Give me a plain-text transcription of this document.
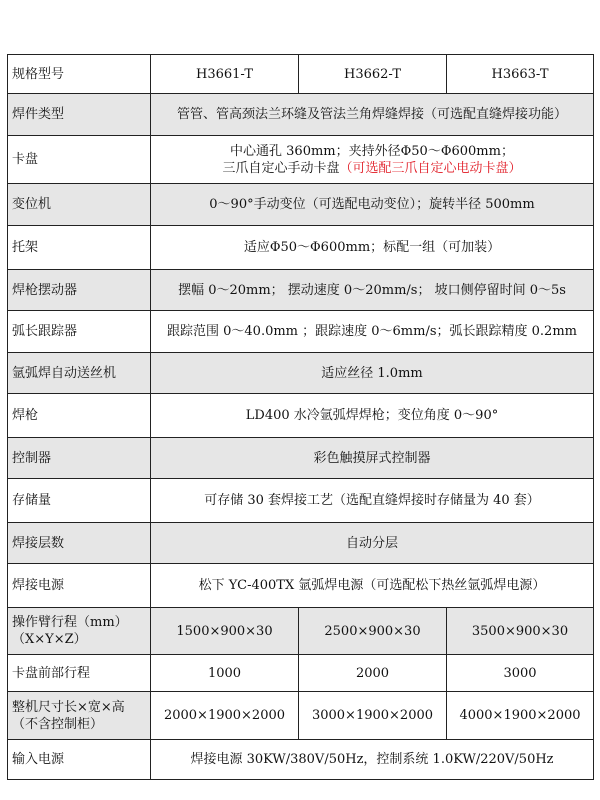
规格型号	H3661-T	H3662-T	H3663-T
焊件类型	管管、管高颈法兰环缝及管法兰角焊缝焊接（可选配直缝焊接功能）		
卡盘	中心通孔 360mm；夹持外径Φ50～Φ600mm；
三爪自定心手动卡盘（可选配三爪自定心电动卡盘）		

变位机	0～90°手动变位（可选配电动变位）；旋转半径 500mm		
托架	适应Φ50～Φ600mm；标配一组（可加装）		
焊枪摆动器	摆幅 0～20mm； 摆动速度 0～20mm/s； 坡口侧停留时间 0～5s		
弧长跟踪器	跟踪范围 0～40.0mm ；跟踪速度 0～6mm/s；弧长跟踪精度 0.2mm		
氩弧焊自动送丝机	适应丝径 1.0mm		
焊枪	LD400 水冷氩弧焊焊枪；变位角度 0～90°		
控制器	彩色触摸屏式控制器		
存储量	可存储 30 套焊接工艺（选配直缝焊接时存储量为 40 套）		
焊接层数	自动分层		
焊接电源	松下 YC-400TX 氩弧焊电源（可选配松下热丝氩弧焊电源）		

操作臂行程（mm）
（X×Y×Z）	1500×900×30	2500×900×30	3500×900×30
卡盘前部行程	1000	2000	3000

整机尺寸长×宽×高
（不含控制柜）	2000×1900×2000	3000×1900×2000	4000×1900×2000
输入电源	焊接电源 30KW/380V/50Hz，控制系统 1.0KW/220V/50Hz		
